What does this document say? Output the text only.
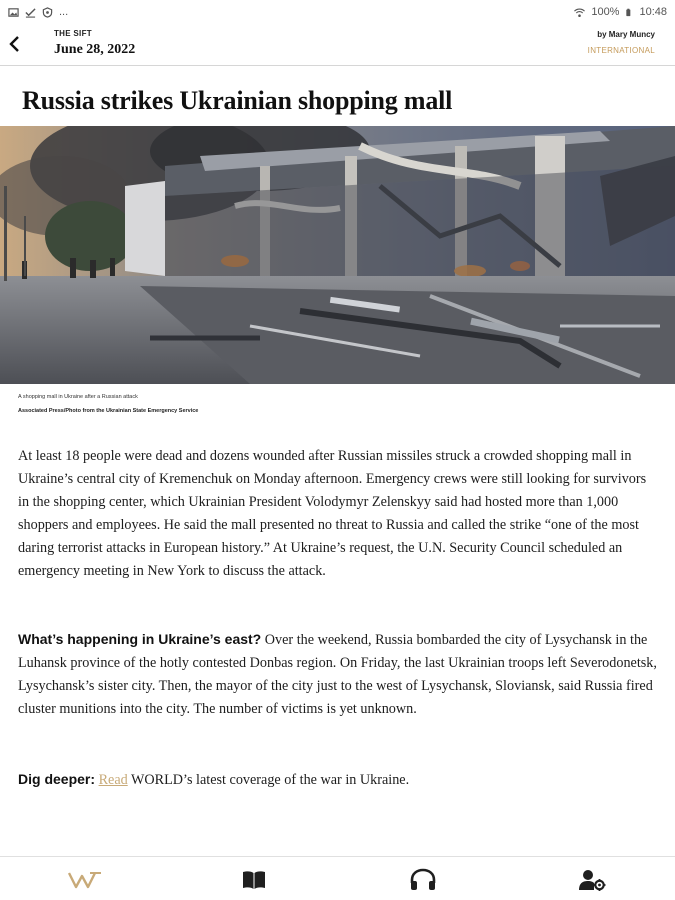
...	100% 10:48
THE SIFT
June 28, 2022
by Mary Muncy
INTERNATIONAL
Russia strikes Ukrainian shopping mall
A shopping mall in Ukraine after a Russian attack
Associated Press/Photo from the Ukrainian State Emergency Service

At least 18 people were dead and dozens wounded after Russian missiles struck a crowded shopping mall in Ukraine’s central city of Kremenchuk on Monday afternoon. Emergency crews were still looking for survivors in the shopping center, which Ukrainian President Volodymyr Zelenskyy said had hosted more than 1,000 shoppers and employees. He said the mall presented no threat to Russia and called the strike “one of the most daring terrorist attacks in European history.” At Ukraine’s request, the U.N. Security Council scheduled an emergency meeting in New York to discuss the attack.

What’s happening in Ukraine’s east? Over the weekend, Russia bombarded the city of Lysychansk in the Luhansk province of the hotly contested Donbas region. On Friday, the last Ukrainian troops left Severodonetsk, Lysychansk’s sister city. Then, the mayor of the city just to the west of Lysychansk, Sloviansk, said Russia fired cluster munitions into the city. The number of victims is yet unknown.

Dig deeper: Read WORLD’s latest coverage of the war in Ukraine.
